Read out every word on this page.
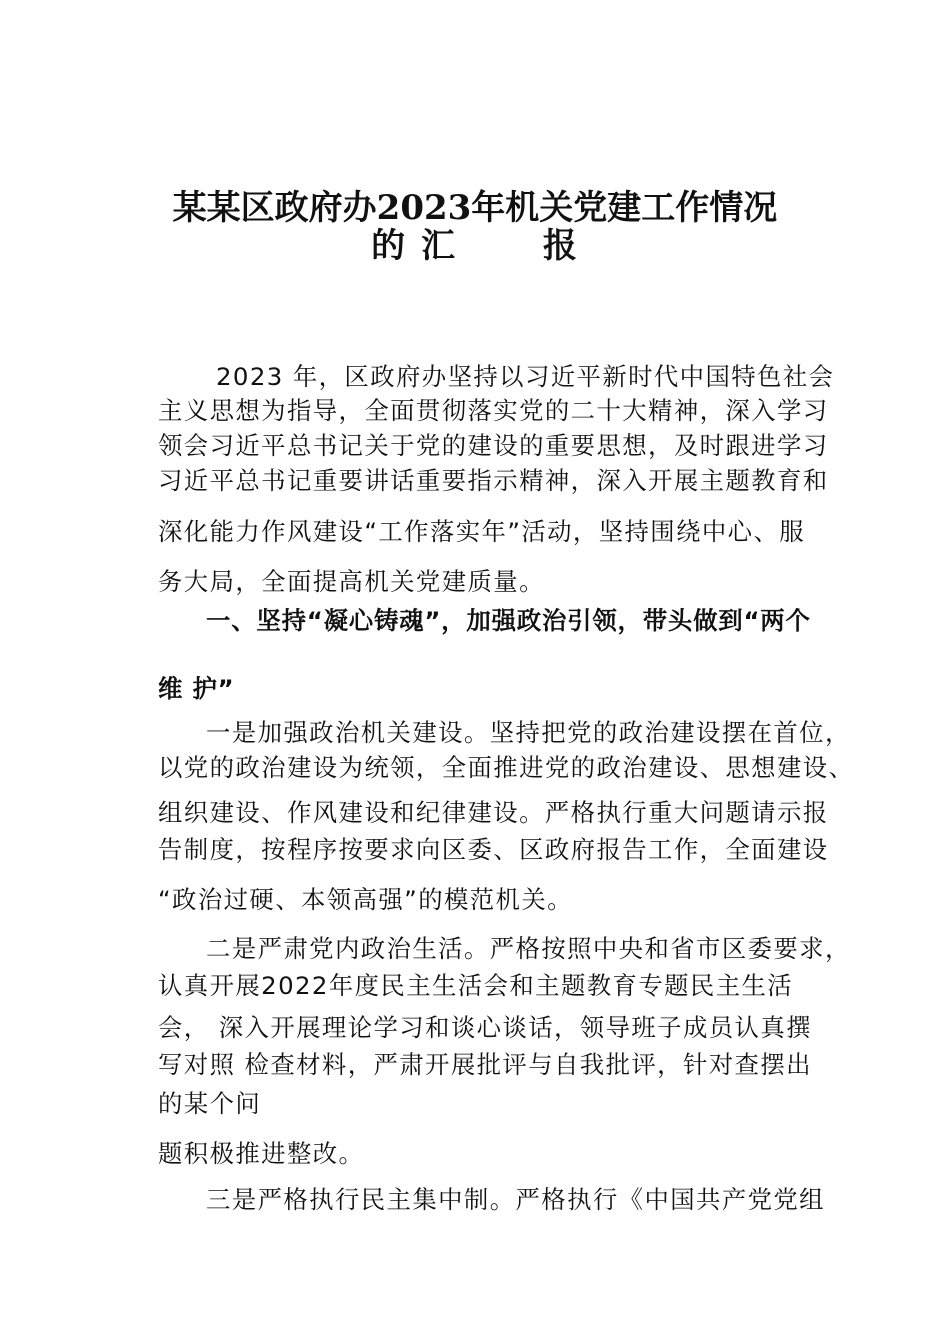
某某区政府办2023年机关党建工作情况
的 汇　　 报

2023 年，区政府办坚持以习近平新时代中国特色社会

主义思想为指导，全面贯彻落实党的二十大精神，深入学习

领会习近平总书记关于党的建设的重要思想，及时跟进学习

习近平总书记重要讲话重要指示精神，深入开展主题教育和

深化能力作风建设“工作落实年”活动，坚持围绕中心、服

务大局，全面提高机关党建质量。

一、坚持“凝心铸魂”，加强政治引领，带头做到“两个

维 护”

一是加强政治机关建设。坚持把党的政治建设摆在首位，

以党的政治建设为统领，全面推进党的政治建设、思想建设、

组织建设、作风建设和纪律建设。严格执行重大问题请示报

告制度，按程序按要求向区委、区政府报告工作，全面建设

“政治过硬、本领高强”的模范机关。

二是严肃党内政治生活。严格按照中央和省市区委要求，

认真开展2022年度民主生活会和主题教育专题民主生活

会， 深入开展理论学习和谈心谈话，领导班子成员认真撰

写对照 检查材料，严肃开展批评与自我批评，针对查摆出

的某个问

题积极推进整改。

三是严格执行民主集中制。严格执行《中国共产党党组
